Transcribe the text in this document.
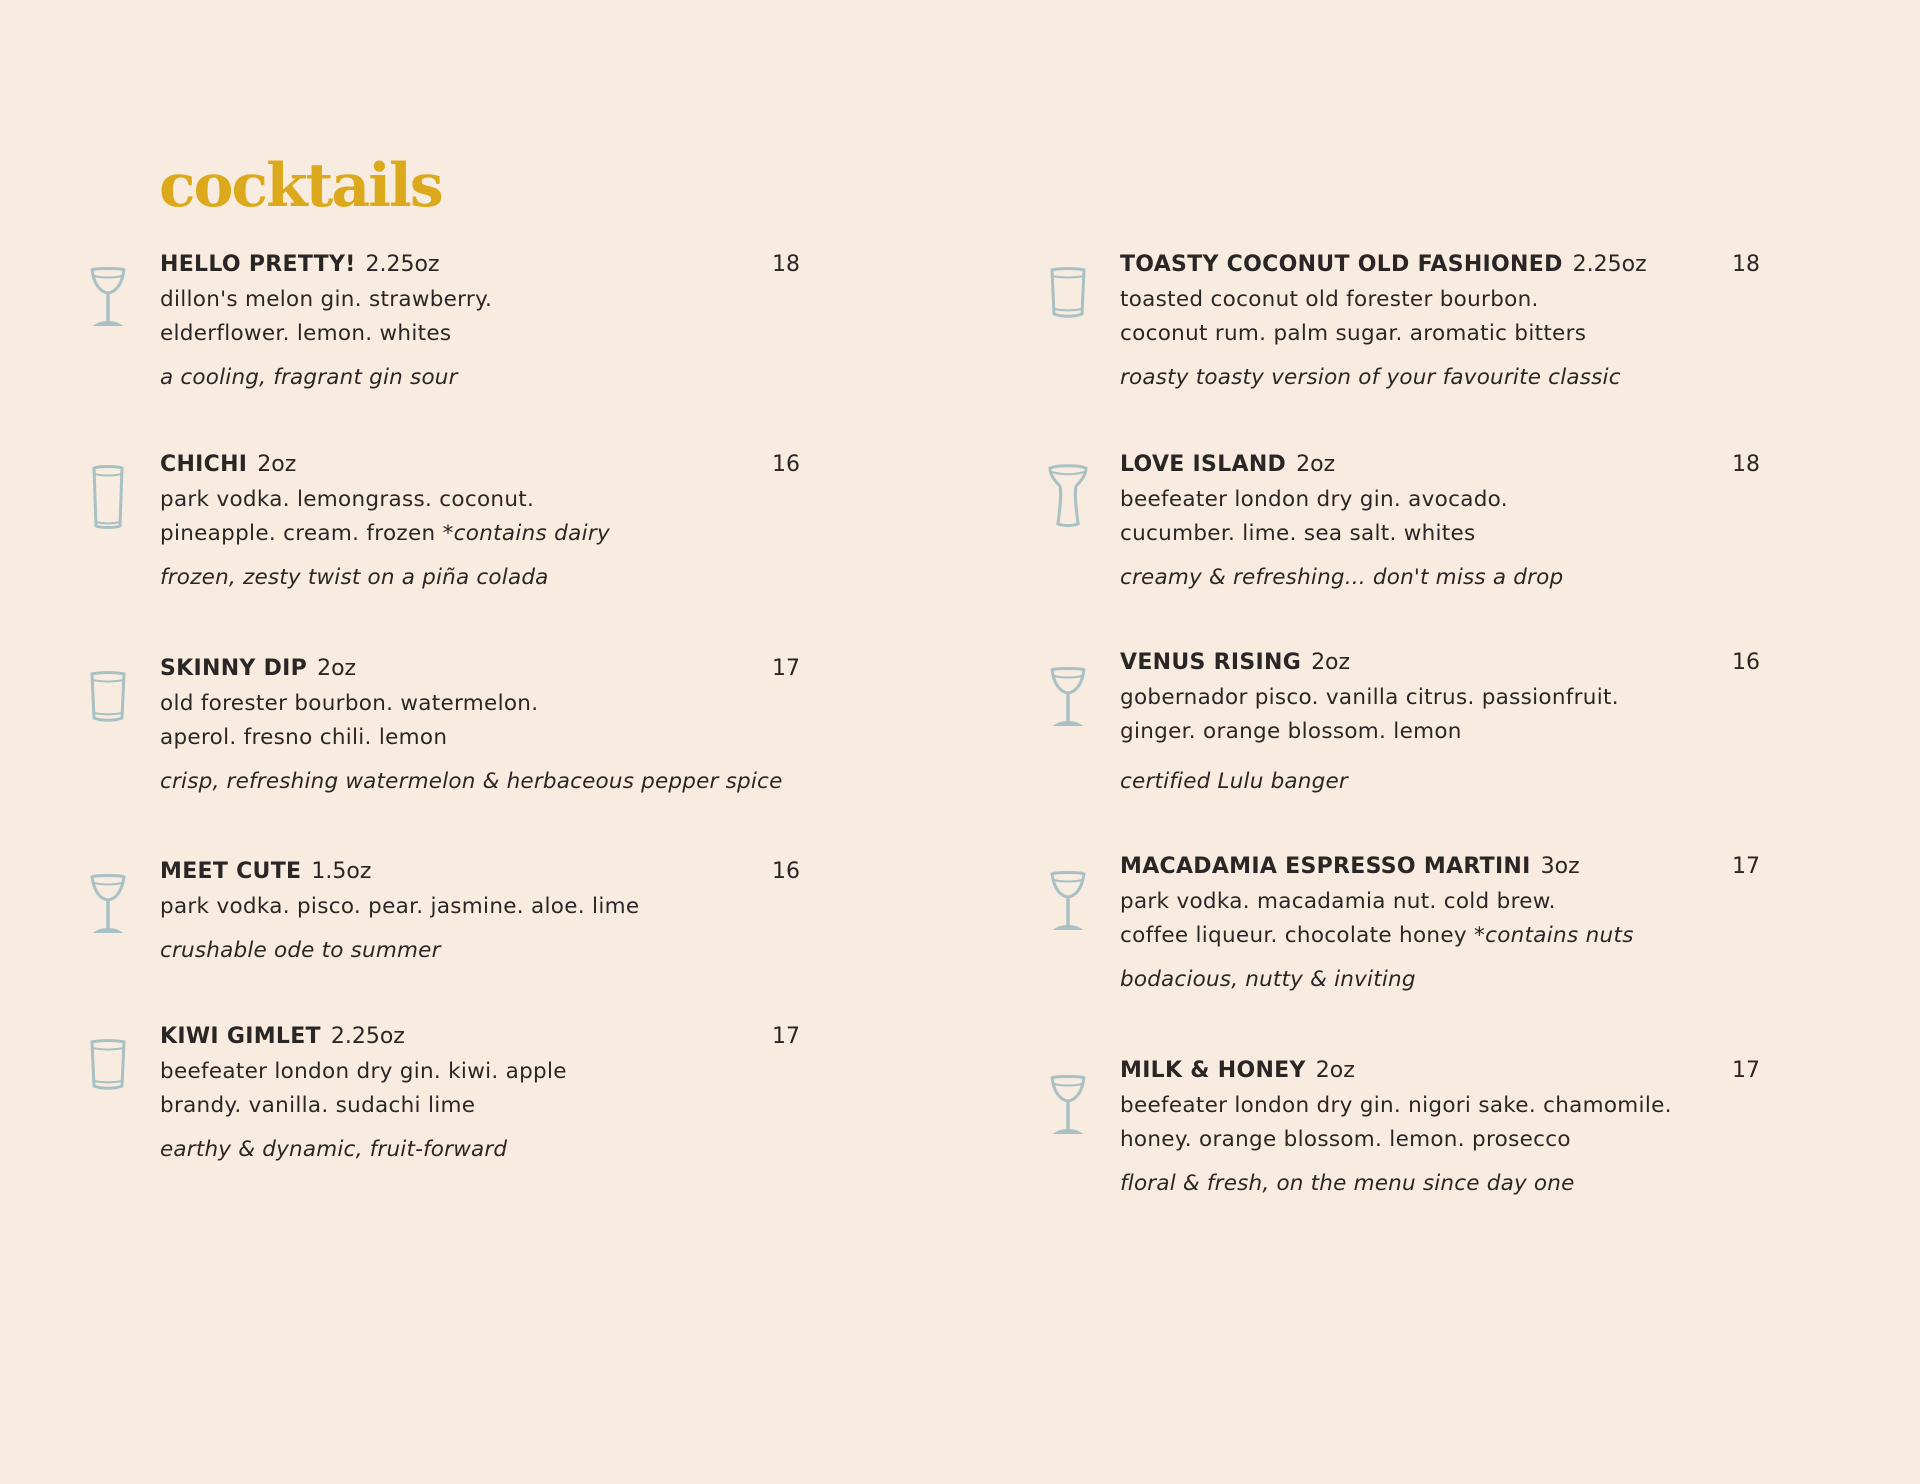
cocktails
HELLO PRETTY! 2.25oz	18
dillon's melon gin. strawberry.
elderflower. lemon. whites
a cooling, fragrant gin sour
CHICHI 2oz	16
park vodka. lemongrass. coconut.
pineapple. cream. frozen *contains dairy
frozen, zesty twist on a piña colada
SKINNY DIP 2oz	17
old forester bourbon. watermelon.
aperol. fresno chili. lemon
crisp, refreshing watermelon & herbaceous pepper spice
MEET CUTE 1.5oz	16
park vodka. pisco. pear. jasmine. aloe. lime
crushable ode to summer
KIWI GIMLET 2.25oz	17
beefeater london dry gin. kiwi. apple
brandy. vanilla. sudachi lime
earthy & dynamic, fruit-forward
TOASTY COCONUT OLD FASHIONED 2.25oz	18
toasted coconut old forester bourbon.
coconut rum. palm sugar. aromatic bitters
roasty toasty version of your favourite classic
LOVE ISLAND 2oz	18
beefeater london dry gin. avocado.
cucumber. lime. sea salt. whites
creamy & refreshing... don't miss a drop
VENUS RISING 2oz	16
gobernador pisco. vanilla citrus. passionfruit.
ginger. orange blossom. lemon
certified Lulu banger
MACADAMIA ESPRESSO MARTINI 3oz	17
park vodka. macadamia nut. cold brew.
coffee liqueur. chocolate honey *contains nuts
bodacious, nutty & inviting
MILK & HONEY 2oz	17
beefeater london dry gin. nigori sake. chamomile.
honey. orange blossom. lemon. prosecco
floral & fresh, on the menu since day one
